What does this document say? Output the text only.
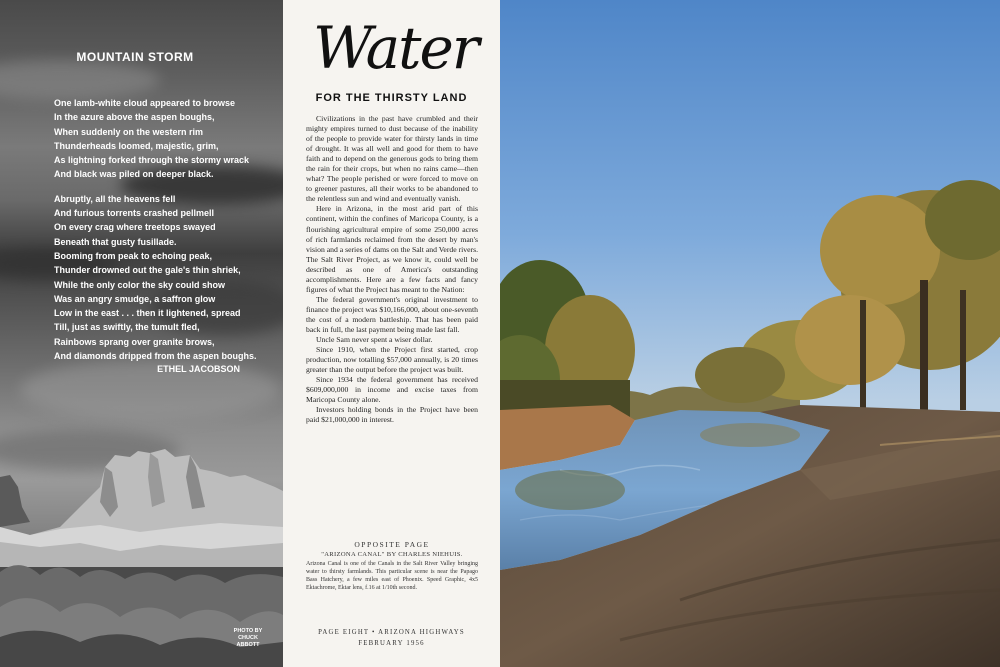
MOUNTAIN STORM
One lamb-white cloud appeared to browse
In the azure above the aspen boughs,
When suddenly on the western rim
Thunderheads loomed, majestic, grim,
As lightning forked through the stormy wrack
And black was piled on deeper black.
Abruptly, all the heavens fell
And furious torrents crashed pellmell
On every crag where treetops swayed
Beneath that gusty fusillade.
Booming from peak to echoing peak,
Thunder drowned out the gale's thin shriek,
While the only color the sky could show
Was an angry smudge, a saffron glow
Low in the east . . . then it lightened, spread
Till, just as swiftly, the tumult fled,
Rainbows sprang over granite brows,
And diamonds dripped from the aspen boughs.
ETHEL JACOBSON
PHOTO BY
CHUCK
ABBOTT
Water
FOR THE THIRSTY LAND

Civilizations in the past have crumbled and their mighty empires turned to dust because of the inability of the people to provide water for thirsty lands in time of drought. It was all well and good for them to have faith and to depend on the generous gods to bring them the rain for their crops, but when no rains came—then what? The people perished or were forced to move on to greener pastures, all their works to be abandoned to the relentless sun and wind and eventually vanish.

Here in Arizona, in the most arid part of this continent, within the confines of Maricopa County, is a flourishing agricultural empire of some 250,000 acres of rich farmlands reclaimed from the desert by man's vision and a series of dams on the Salt and Verde rivers. The Salt River Project, as we know it, could well be described as one of America's outstanding accomplishments. Here are a few facts and fancy figures of what the Project has meant to the Nation:

The federal government's original investment to finance the project was $10,166,000, about one-seventh the cost of a modern battleship. That has been paid back in full, the last payment being made last fall.

Uncle Sam never spent a wiser dollar.

Since 1910, when the Project first started, crop production, now totalling $57,000 annually, is 20 times greater than the output before the project was built.

Since 1934 the federal government has received $609,000,000 in income and excise taxes from Maricopa County alone.

Investors holding bonds in the Project have been paid $21,000,000 in interest.

OPPOSITE PAGE
"ARIZONA CANAL" BY CHARLES NIEHUIS.
Arizona Canal is one of the Canals in the Salt River Valley bringing water to thirsty farmlands. This particular scene is near the Papago Bass Hatchery, a few miles east of Phoenix. Speed Graphic, 4x5 Ektachrome, Ektar lens, f.16 at 1/10th second.
PAGE EIGHT • ARIZONA HIGHWAYS
FEBRUARY 1956
